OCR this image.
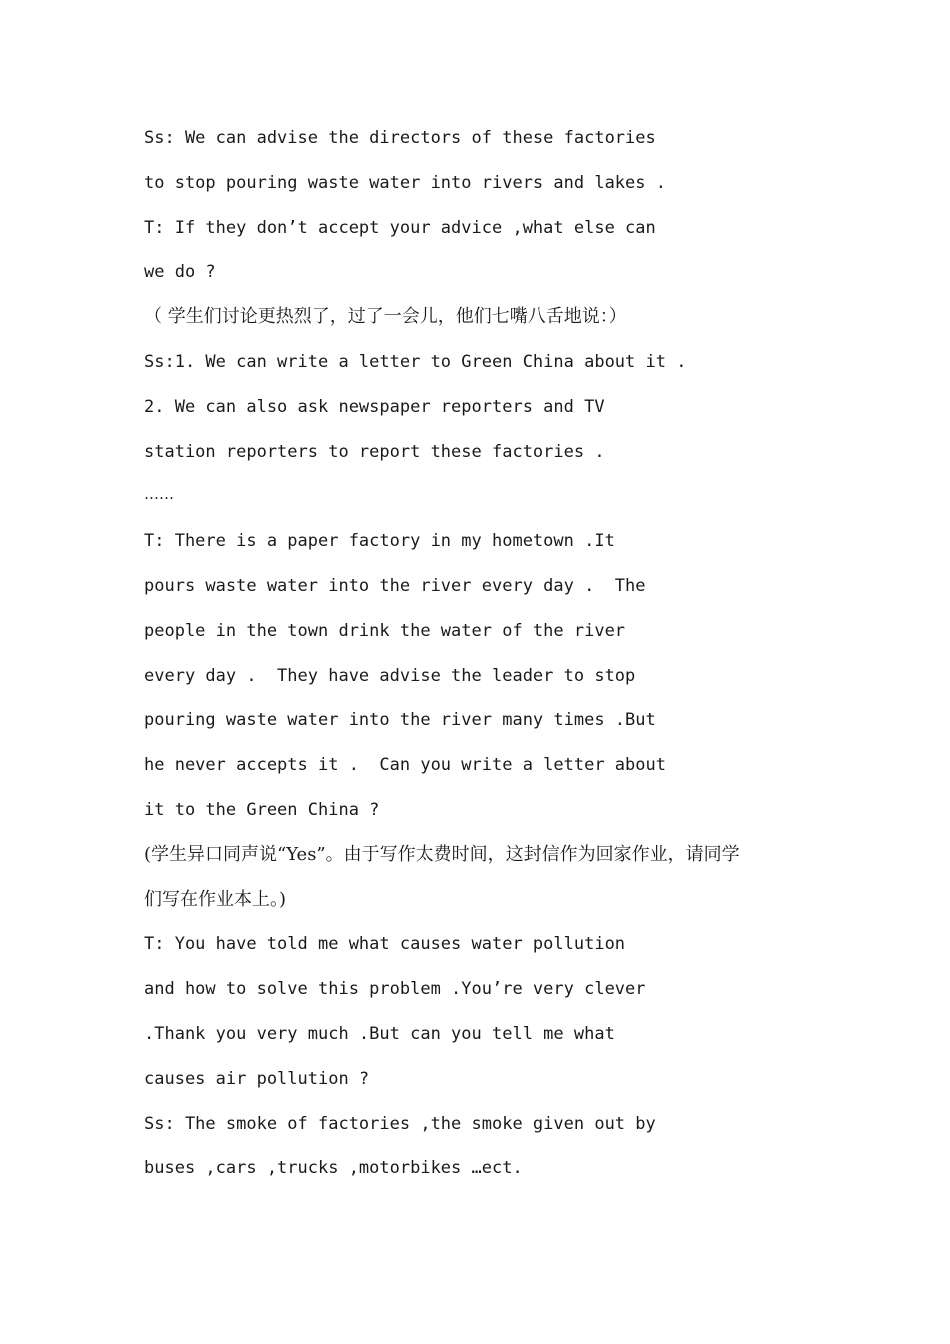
Ss: We can advise the directors of these factories
to stop pouring waste water into rivers and lakes .
T: If they don’t accept your advice ,what else can
we do ?
（ 学生们讨论更热烈了，过了一会儿，他们七嘴八舌地说：）
Ss:1. We can write a letter to Green China about it .
2. We can also ask newspaper reporters and TV
station reporters to report these factories .
……
T: There is a paper factory in my hometown .It
pours waste water into the river every day .  The
people in the town drink the water of the river
every day .  They have advise the leader to stop
pouring waste water into the river many times .But
he never accepts it .  Can you write a letter about
it to the Green China ?
(学生异口同声说“Yes”。由于写作太费时间，这封信作为回家作业，请同学
们写在作业本上。)
T: You have told me what causes water pollution
and how to solve this problem .You’re very clever
.Thank you very much .But can you tell me what
causes air pollution ?
Ss: The smoke of factories ,the smoke given out by
buses ,cars ,trucks ,motorbikes …ect.
